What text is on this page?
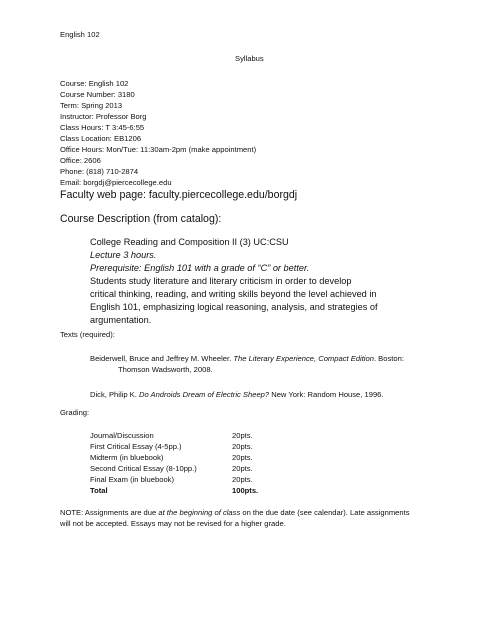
English 102
Syllabus
Course: English 102
Course Number: 3180
Term: Spring 2013
Instructor: Professor Borg
Class Hours: T 3:45-6:55
Class Location: EB1206
Office Hours: Mon/Tue: 11:30am-2pm (make appointment)
Office: 2606
Phone: (818) 710-2874
Email: borgdj@piercecollege.edu
Faculty web page: faculty.piercecollege.edu/borgdj
Course Description (from catalog):
College Reading and Composition II (3) UC:CSU
Lecture 3 hours.
Prerequisite: English 101 with a grade of “C” or better.
Students study literature and literary criticism in order to develop
critical thinking, reading, and writing skills beyond the level achieved in
English 101, emphasizing logical reasoning, analysis, and strategies of
argumentation.
Texts (required):
Beiderwell, Bruce and Jeffrey M. Wheeler. The Literary Experience, Compact Edition. Boston:
Thomson Wadsworth, 2008.
Dick, Philip K. Do Androids Dream of Electric Sheep? New York: Random House, 1996.
Grading:
Journal/Discussion	20pts.
First Critical Essay (4-5pp.)	20pts.
Midterm (in bluebook)	20pts.
Second Critical Essay (8-10pp.)	20pts.
Final Exam (in bluebook)	20pts.
Total	100pts.
NOTE: Assignments are due at the beginning of class on the due date (see calendar). Late assignments
will not be accepted. Essays may not be revised for a higher grade.
